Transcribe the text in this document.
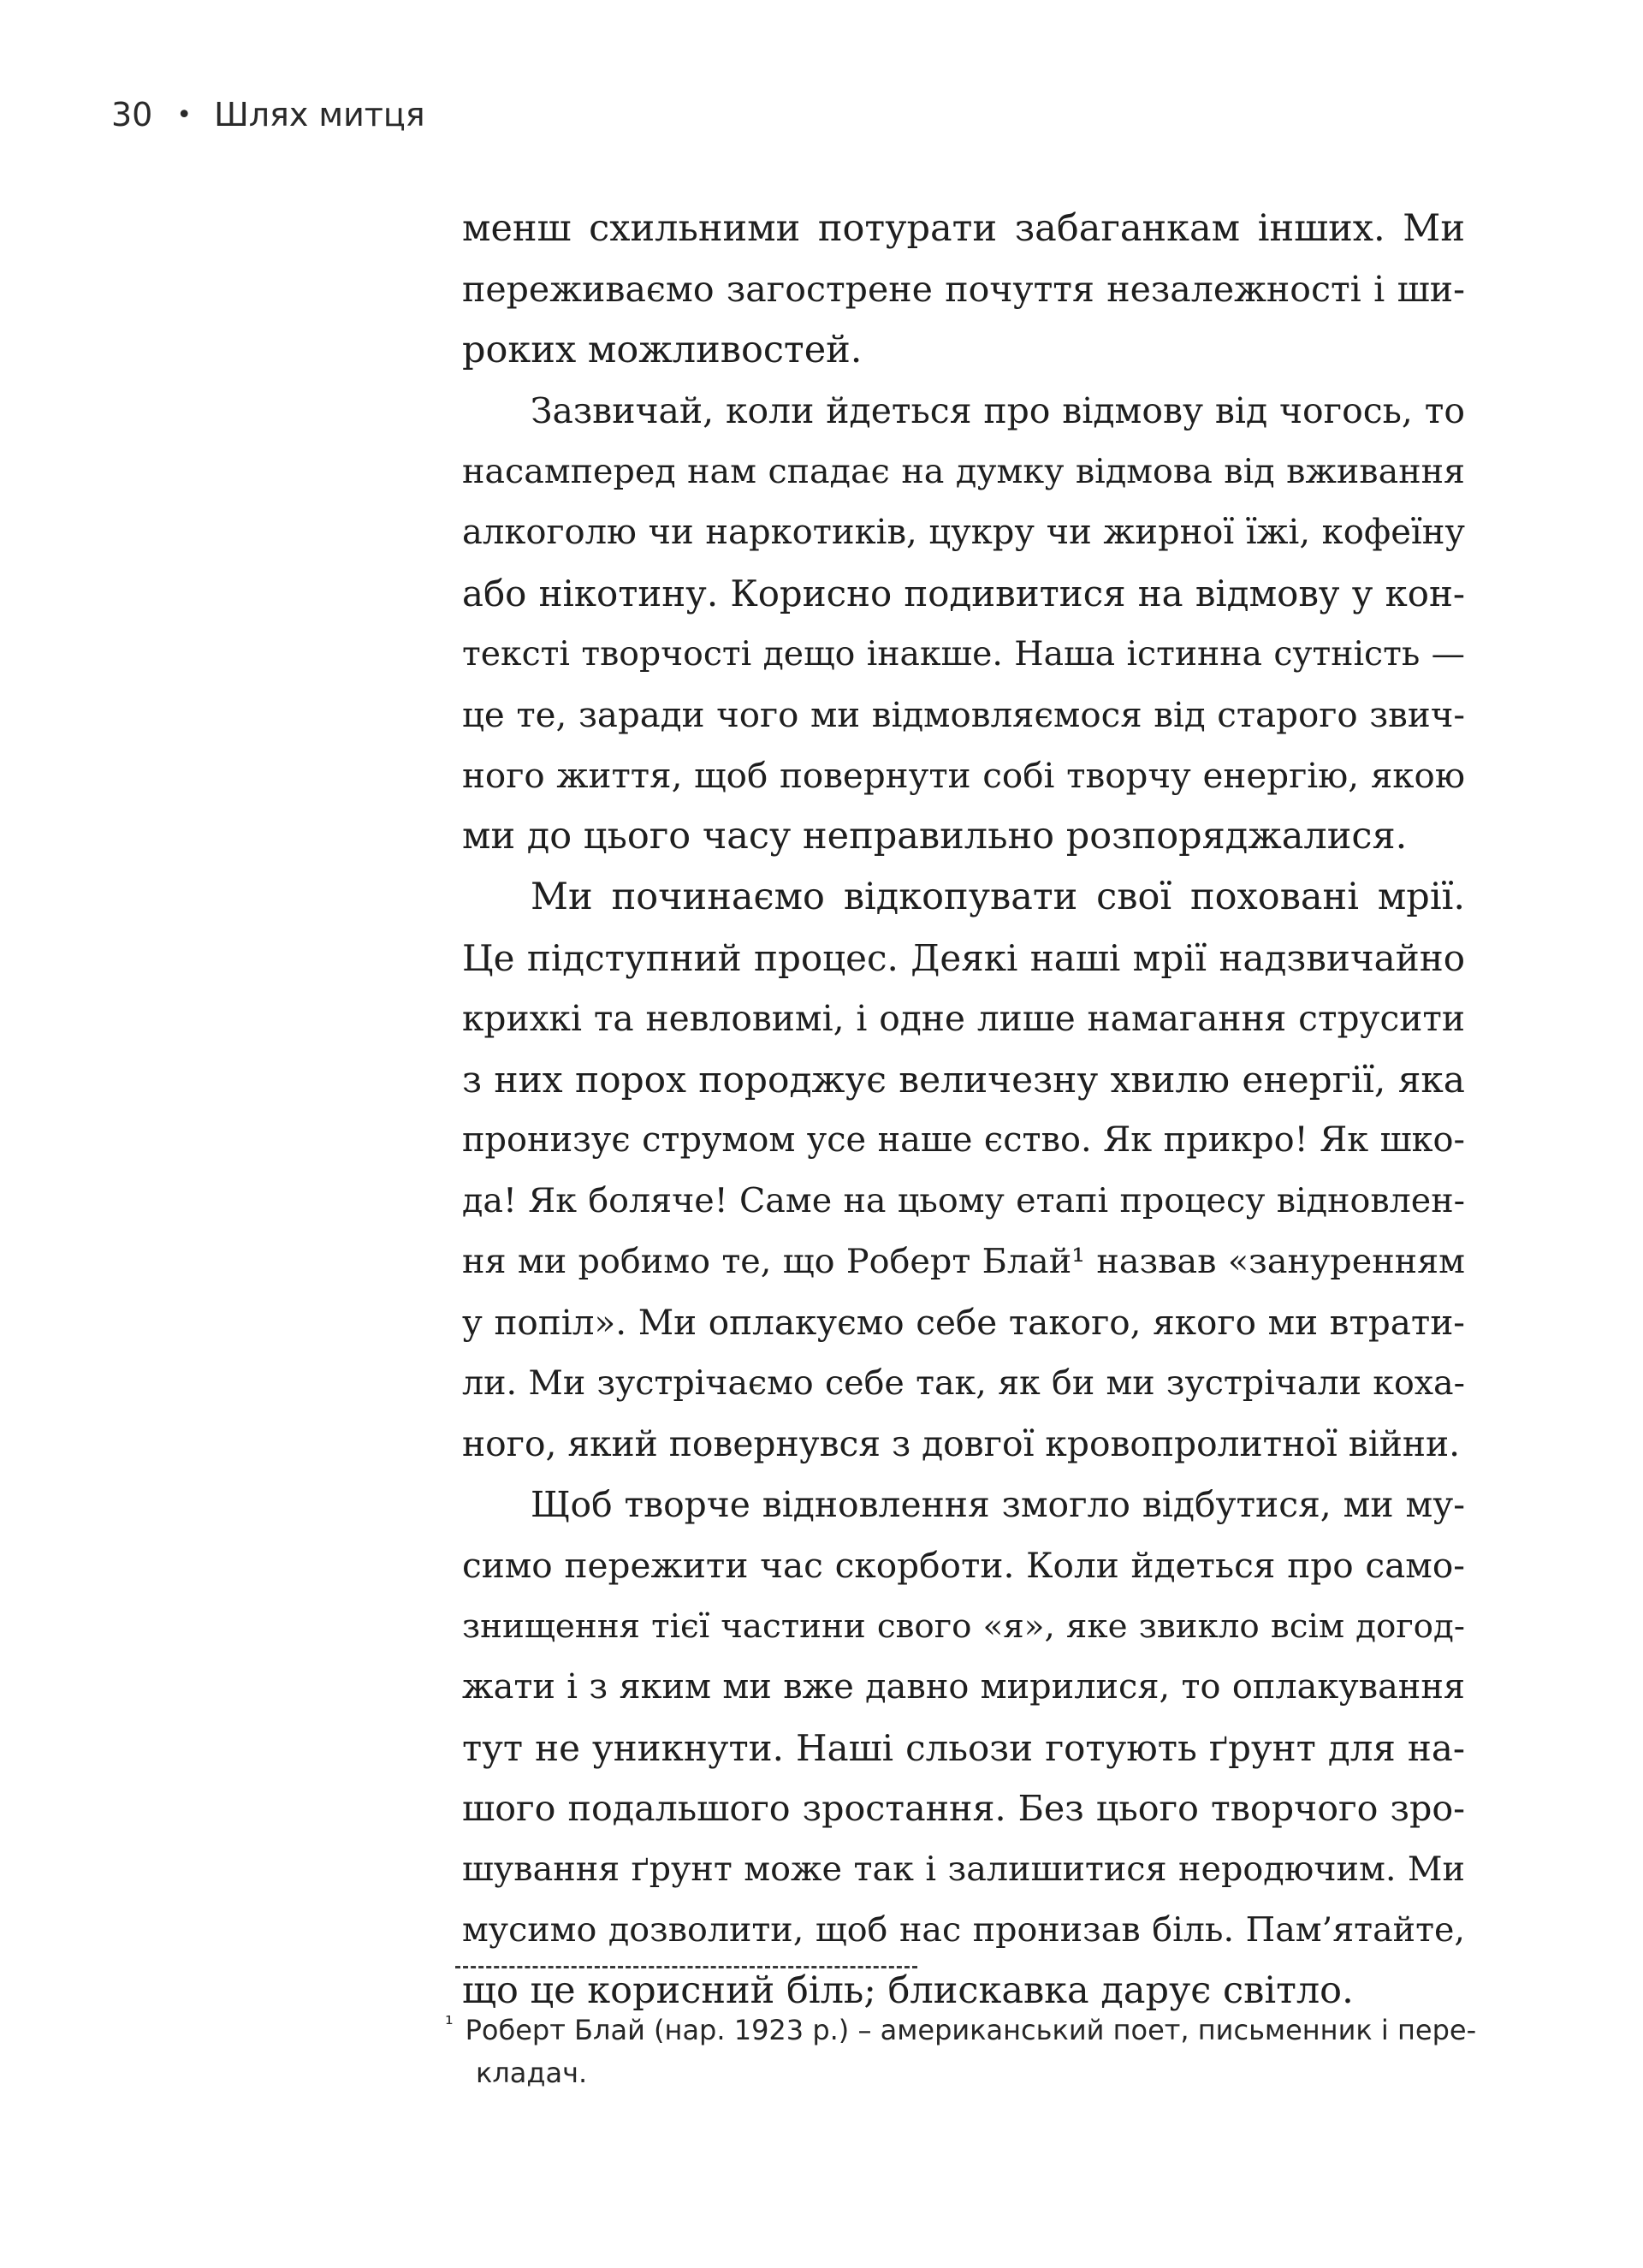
30 • Шлях митця
менш схильними потурати забаганкам інших. Ми
переживаємо загострене почуття незалежності і ши-
роких можливостей.
Зазвичай, коли йдеться про відмову від чогось, то
насамперед нам спадає на думку відмова від вживання
алкоголю чи наркотиків, цукру чи жирної їжі, кофеїну
або нікотину. Корисно подивитися на відмову у кон-
тексті творчості дещо інакше. Наша істинна сутність —
це те, заради чого ми відмовляємося від старого звич-
ного життя, щоб повернути собі творчу енергію, якою
ми до цього часу неправильно розпоряджалися.
Ми починаємо відкопувати свої поховані мрії.
Це підступний процес. Деякі наші мрії надзвичайно
крихкі та невловимі, і одне лише намагання струсити
з них порох породжує величезну хвилю енергії, яка
пронизує струмом усе наше єство. Як прикро! Як шко-
да! Як боляче! Саме на цьому етапі процесу відновлен-
ня ми робимо те, що Роберт Блай¹ назвав «зануренням
у попіл». Ми оплакуємо себе такого, якого ми втрати-
ли. Ми зустрічаємо себе так, як би ми зустрічали коха-
ного, який повернувся з довгої кровопролитної війни.
Щоб творче відновлення змогло відбутися, ми му-
симо пережити час скорботи. Коли йдеться про само-
знищення тієї частини свого «я», яке звикло всім догод-
жати і з яким ми вже давно мирилися, то оплакування
тут не уникнути. Наші сльози готують ґрунт для на-
шого подальшого зростання. Без цього творчого зро-
шування ґрунт може так і залишитися неродючим. Ми
мусимо дозволити, щоб нас пронизав біль. Пам’ятайте,
що це корисний біль; блискавка дарує світло.
$^{^1}$ Роберт Блай (нар. 1923 р.) – американський поет, письменник і пере-
кладач.
